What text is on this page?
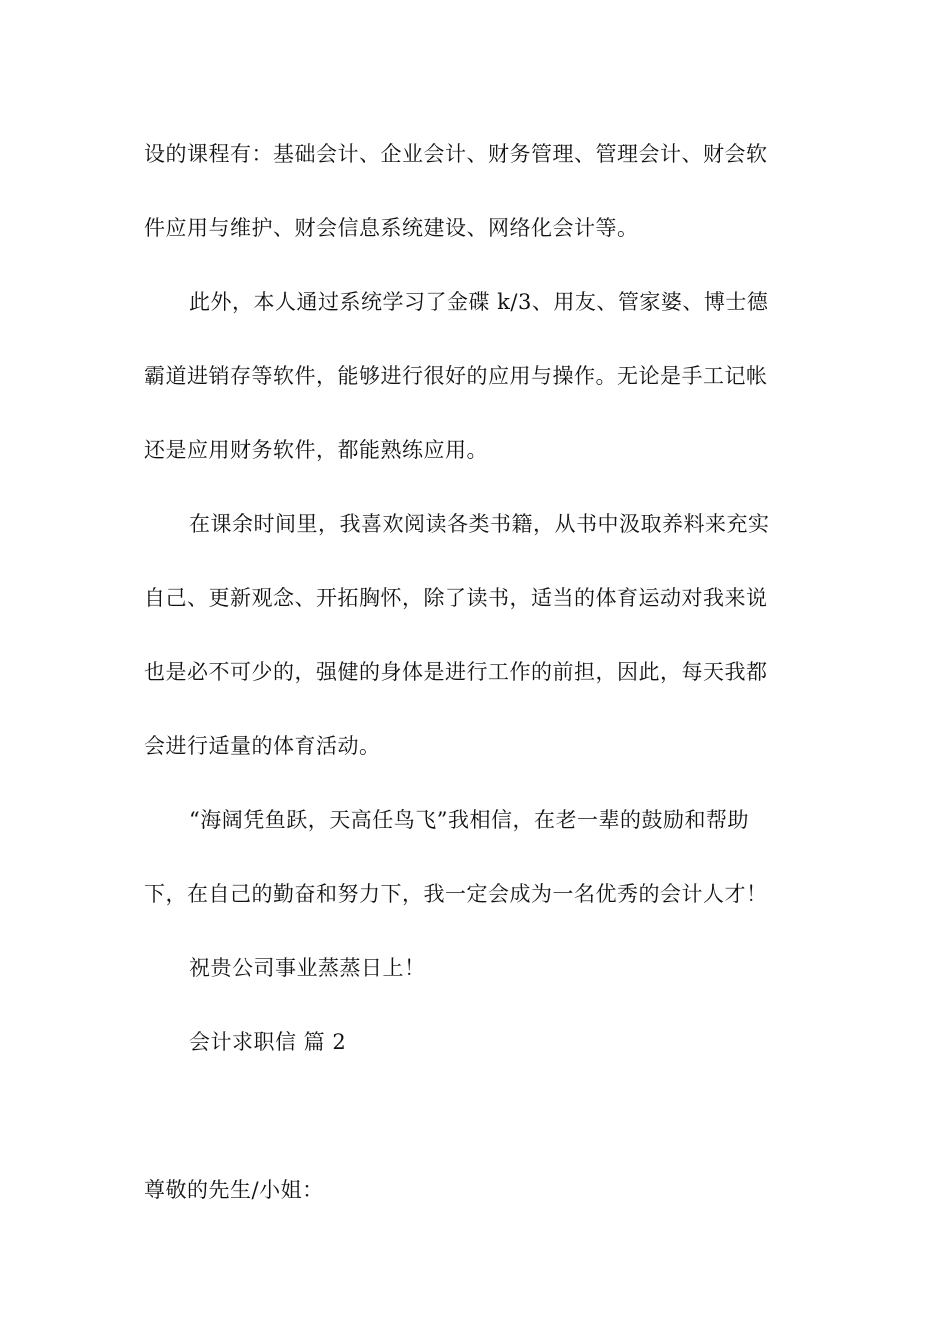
设的课程有：基础会计、企业会计、财务管理、管理会计、财会软
件应用与维护、财会信息系统建设、网络化会计等。
此外，本人通过系统学习了金碟 k/3、用友、管家婆、博士德
霸道进销存等软件，能够进行很好的应用与操作。无论是手工记帐
还是应用财务软件，都能熟练应用。
在课余时间里，我喜欢阅读各类书籍，从书中汲取养料来充实
自己、更新观念、开拓胸怀，除了读书，适当的体育运动对我来说
也是必不可少的，强健的身体是进行工作的前担，因此，每天我都
会进行适量的体育活动。
“海阔凭鱼跃，天高任鸟飞”我相信，在老一辈的鼓励和帮助
下，在自己的勤奋和努力下，我一定会成为一名优秀的会计人才！
祝贵公司事业蒸蒸日上！
会计求职信 篇 2
尊敬的先生/小姐：
